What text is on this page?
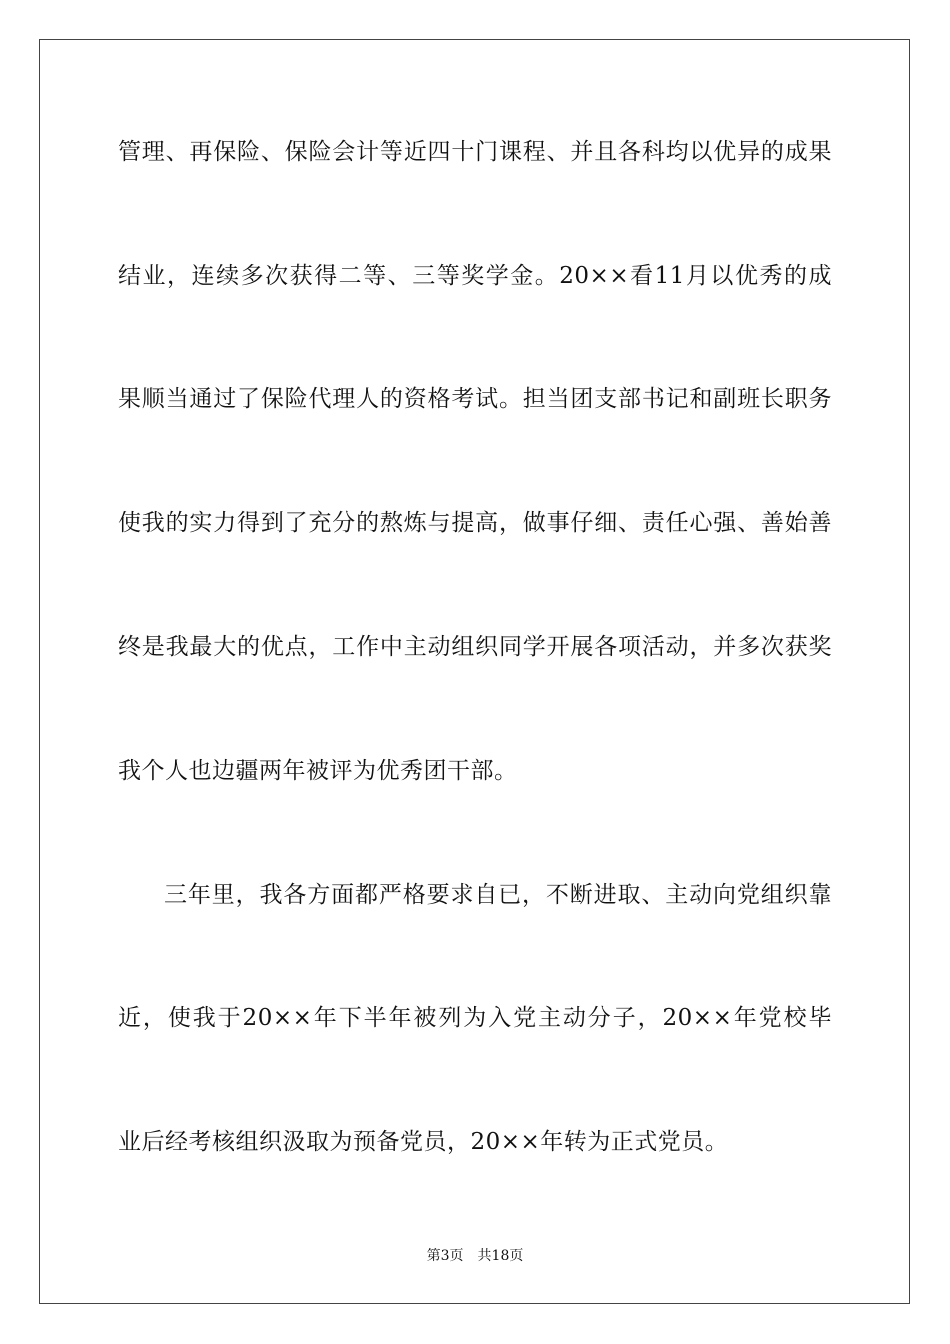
管理、再保险、保险会计等近四十门课程、并且各科均以优异的成果
结业，连续多次获得二等、三等奖学金。20××看11月以优秀的成
果顺当通过了保险代理人的资格考试。担当团支部书记和副班长职务
使我的实力得到了充分的熬炼与提高，做事仔细、责任心强、善始善
终是我最大的优点，工作中主动组织同学开展各项活动，并多次获奖
我个人也边疆两年被评为优秀团干部。
三年里，我各方面都严格要求自已，不断进取、主动向党组织靠
近，使我于20××年下半年被列为入党主动分子，20××年党校毕
业后经考核组织汲取为预备党员，20××年转为正式党员。
第3页 共18页
